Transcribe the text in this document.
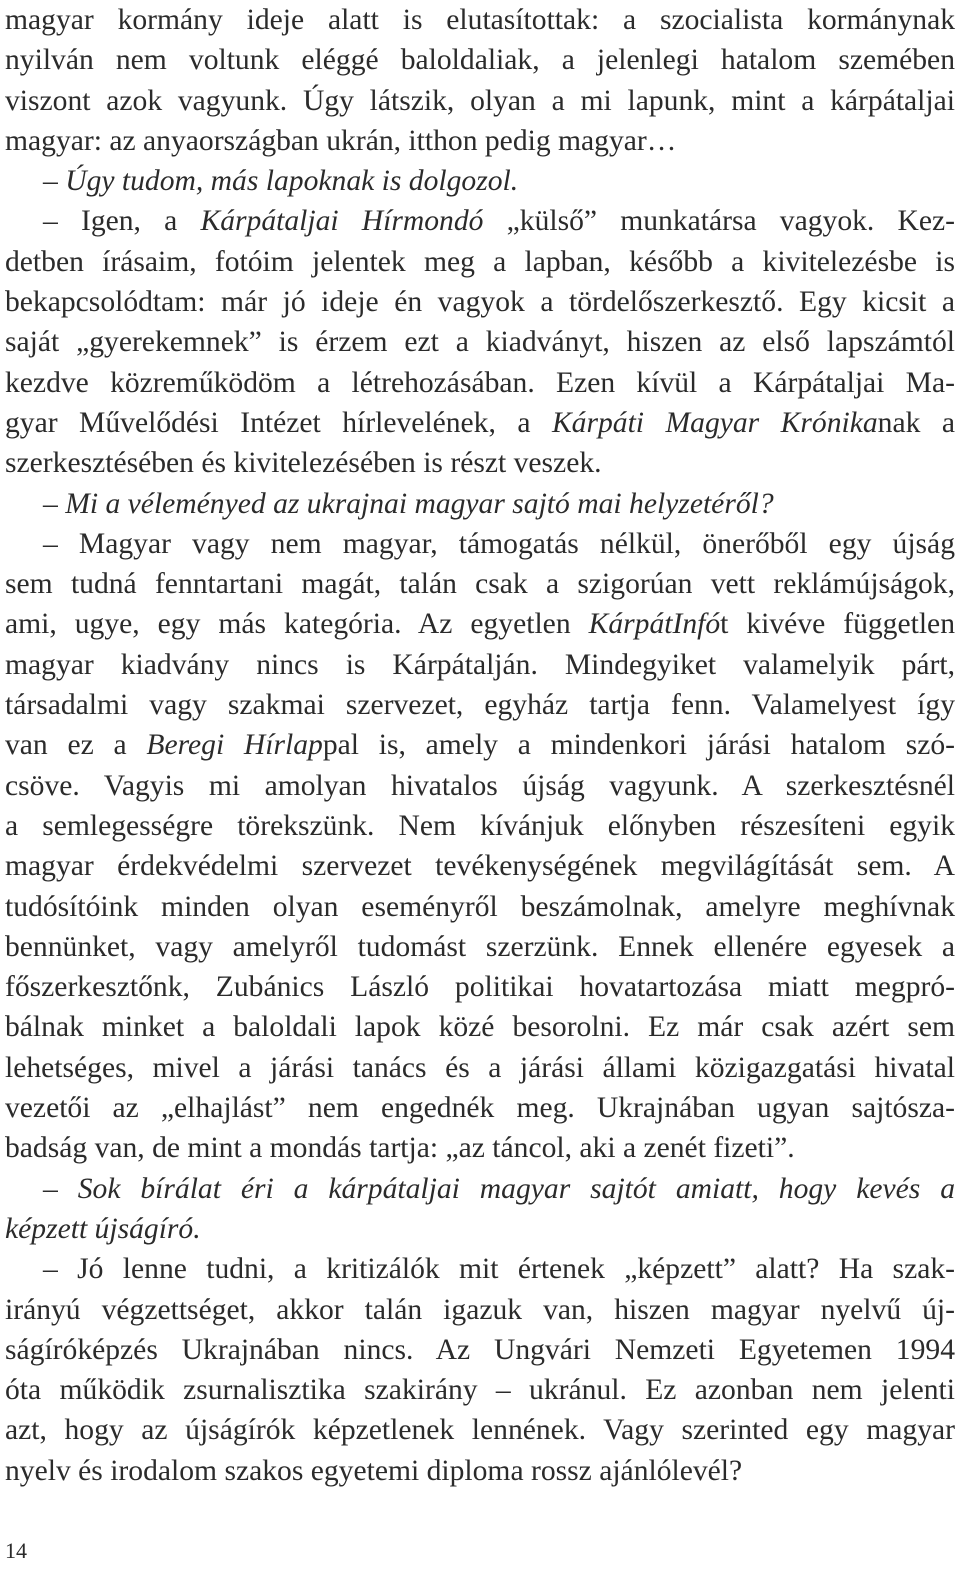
magyar kormány ideje alatt is elutasítottak: a szocialista kormánynak
nyilván nem voltunk eléggé baloldaliak, a jelenlegi hatalom szemében
viszont azok vagyunk. Úgy látszik, olyan a mi lapunk, mint a kárpátaljai
magyar: az anyaországban ukrán, itthon pedig magyar…
– Úgy tudom, más lapoknak is dolgozol.
– Igen, a Kárpátaljai Hírmondó „külső” munkatársa vagyok. Kez-
detben írásaim, fotóim jelentek meg a lapban, később a kivitelezésbe is
bekapcsolódtam: már jó ideje én vagyok a tördelőszerkesztő. Egy kicsit a
saját „gyerekemnek” is érzem ezt a kiadványt, hiszen az első lapszámtól
kezdve közreműködöm a létrehozásában. Ezen kívül a Kárpátaljai Ma-
gyar Művelődési Intézet hírlevelének, a Kárpáti Magyar Krónikanak a
szerkesztésében és kivitelezésében is részt veszek.
– Mi a véleményed az ukrajnai magyar sajtó mai helyzetéről?
– Magyar vagy nem magyar, támogatás nélkül, önerőből egy újság
sem tudná fenntartani magát, talán csak a szigorúan vett reklámújságok,
ami, ugye, egy más kategória. Az egyetlen KárpátInfót kivéve független
magyar kiadvány nincs is Kárpátalján. Mindegyiket valamelyik párt,
társadalmi vagy szakmai szervezet, egyház tartja fenn. Valamelyest így
van ez a Beregi Hírlappal is, amely a mindenkori járási hatalom szó-
csöve. Vagyis mi amolyan hivatalos újság vagyunk. A szerkesztésnél
a semlegességre törekszünk. Nem kívánjuk előnyben részesíteni egyik
magyar érdekvédelmi szervezet tevékenységének megvilágítását sem. A
tudósítóink minden olyan eseményről beszámolnak, amelyre meghívnak
bennünket, vagy amelyről tudomást szerzünk. Ennek ellenére egyesek a
főszerkesztőnk, Zubánics László politikai hovatartozása miatt megpró-
bálnak minket a baloldali lapok közé besorolni. Ez már csak azért sem
lehetséges, mivel a járási tanács és a járási állami közigazgatási hivatal
vezetői az „elhajlást” nem engednék meg. Ukrajnában ugyan sajtósza-
badság van, de mint a mondás tartja: „az táncol, aki a zenét fizeti”.
– Sok bírálat éri a kárpátaljai magyar sajtót amiatt, hogy kevés a
képzett újságíró.
– Jó lenne tudni, a kritizálók mit értenek „képzett” alatt? Ha szak-
irányú végzettséget, akkor talán igazuk van, hiszen magyar nyelvű új-
ságíróképzés Ukrajnában nincs. Az Ungvári Nemzeti Egyetemen 1994
óta működik zsurnalisztika szakirány – ukránul. Ez azonban nem jelenti
azt, hogy az újságírók képzetlenek lennének. Vagy szerinted egy magyar
nyelv és irodalom szakos egyetemi diploma rossz ajánlólevél?
14
